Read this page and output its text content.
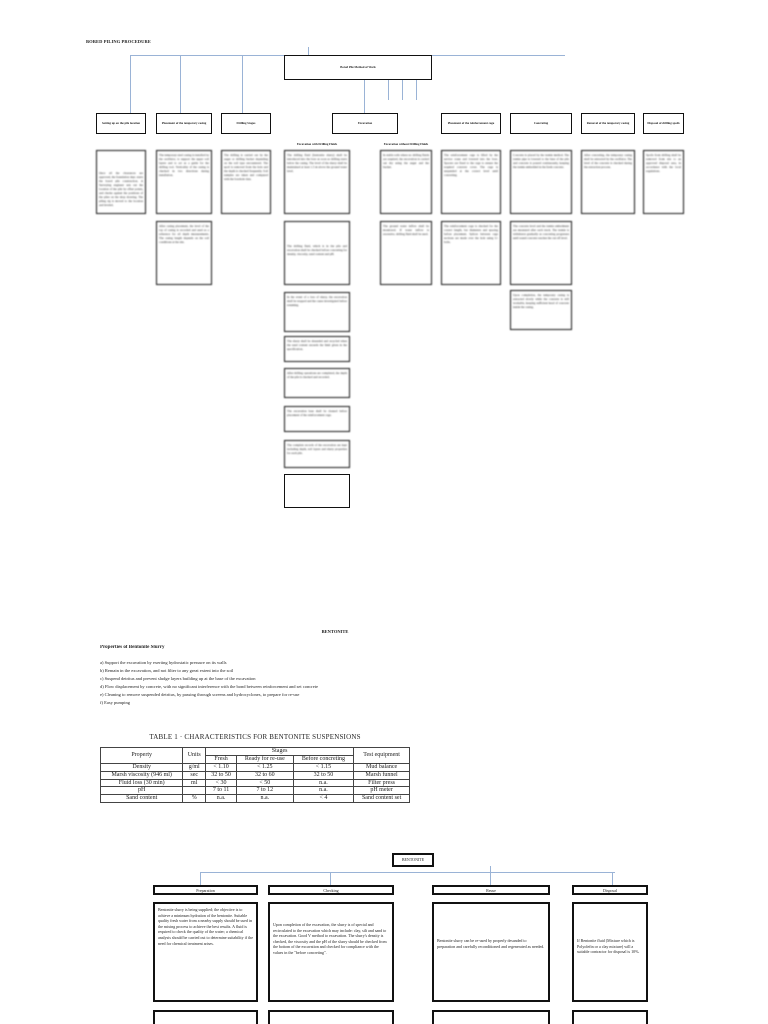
BORED PILING PROCEDURE
Bored Pile Method of Work
Setting up on the pile location	Placement of the temporary casing	Drilling Stages	Excavation	Placement of the reinforcement cage	Concreting	Removal of the temporary casing	Disposal of drilling spoils
Once all the clearances are approved, the foundation dept. starts the bored pile construction. A Surveying engineer sets out the location of the pile by offset points, and checks against the positions of the piles on the shop drawing. The piling rig is moved to the location and leveled.
The temporary steel casing is installed by the oscillator, to support the upper soil layers and to act as a guide for the drilling tool. Verticality of the casing is checked in two directions during installation.
The drilling is carried out by the auger or drilling bucket depending on the soil type encountered. The spoil is removed from the hole and the depth is checked frequently. Soil samples are taken and compared with the borehole data.
The reinforcement cage is lifted by the service crane and lowered into the bore. Spacers are fixed to the cage to ensure the required concrete cover. The cage is suspended at the correct level until concreting.
Concrete is placed by the tremie method. The tremie pipe is lowered to the base of the pile and concrete is poured continuously, keeping the tremie embedded in the fresh concrete.
After concreting, the temporary casing shall be extracted by the oscillator. The level of the concrete is checked during the extraction process.
Spoils from drilling shall be removed from site to an approved disposal area, in accordance with the local regulations.
After casing placement, the level of the top of casing is recorded and used as a reference for all depth measurements. The casing length depends on the soil conditions at the site.
The reinforcement cage is checked for the correct length, bar diameters and spacing before placement. Splices between cage sections are made over the hole using U-bolts.
The concrete level and the tremie embedment are measured after each truck. The tremie is withdrawn gradually as concreting progresses until sound concrete reaches the cut-off level.
Upon completion, the temporary casing is extracted slowly while the concrete is still workable, keeping sufficient head of concrete inside the casing.
Excavation with Drilling Fluids	Excavation without Drilling Fluids
The drilling fluid (bentonite slurry) shall be introduced into the bore as soon as drilling starts below the casing. The level of the slurry shall be maintained at least 1.5 m above the ground water level.
The drilling fluid, which is in the pile and excavation shall be checked before concreting for density, viscosity, sand content and pH.
In the event of a loss of slurry, the excavation shall be stopped and the cause investigated before resuming.
The slurry shall be desanded and recycled when the sand content exceeds the limit given in the specification.
After drilling operations are completed, the depth of the pile is checked and recorded.
The excavation base shall be cleaned before placement of the reinforcement cage.
The complete records of the excavation are kept including depth, soil layers and slurry properties for each pile.
In stable soils where no drilling fluids are required, the excavation is carried out dry using the auger and the bucket.
The ground water inflow shall be monitored. If water inflow is excessive, drilling fluid shall be used.
BENTONITE
Properties of Bentonite Slurry
a) Support the excavation by exerting hydrostatic pressure on its walls
b) Remain in the excavation, and not filter to any great extent into the soil
c) Suspend detritus and prevent sludge layers building up at the base of the excavation
d) Flow displacement by concrete, with no significant interference with the bond between reinforcement and set concrete
e) Cleaning to remove suspended detritus, by passing through screens and hydrocyclones, to prepare for re-use
f) Easy pumping
TABLE 1 · CHARACTERISTICS FOR BENTONITE SUSPENSIONS
Property	Units	Stages			Test equipment
		Fresh	Ready for re-use	Before concreting	
Density	g/ml	< 1.10	< 1.25	< 1.15	Mud balance
Marsh viscosity (946 ml)	sec	32 to 50	32 to 60	32 to 50	Marsh funnel
Fluid loss (30 min)	ml	< 30	< 50	n.a.	Filter press
pH		7 to 11	7 to 12	n.a.	pH meter
Sand content	%	n.a.	n.a.	< 4	Sand content set
BENTONITE
Preparation	Checking	Reuse	Disposal
Bentonite slurry is being supplied; the objective is to achieve a minimum hydration of the bentonite. Suitable quality fresh water from a nearby supply should be used in the mixing process to achieve the best results. A fluid is required to check the quality of the water; a chemical analysis should be carried out to determine suitability if the need for chemical treatment arises.
Upon completion of the excavation, the slurry is of special and recirculated to the excavation which may include: clay, silt and sand to the excavation. Good V method to excavation. The slurry's density is checked, the viscosity and the pH of the slurry should be checked from the bottom of the excavation and checked for compliance with the values in the "before concreting".
Bentonite slurry can be re-used by properly desanded to preparation and carefully reconditioned and regenerated as needed.
If Bentonite fluid (Mixture which is Polyolefin or a clay mixture) will a suitable contractor for disposal is 10%.
